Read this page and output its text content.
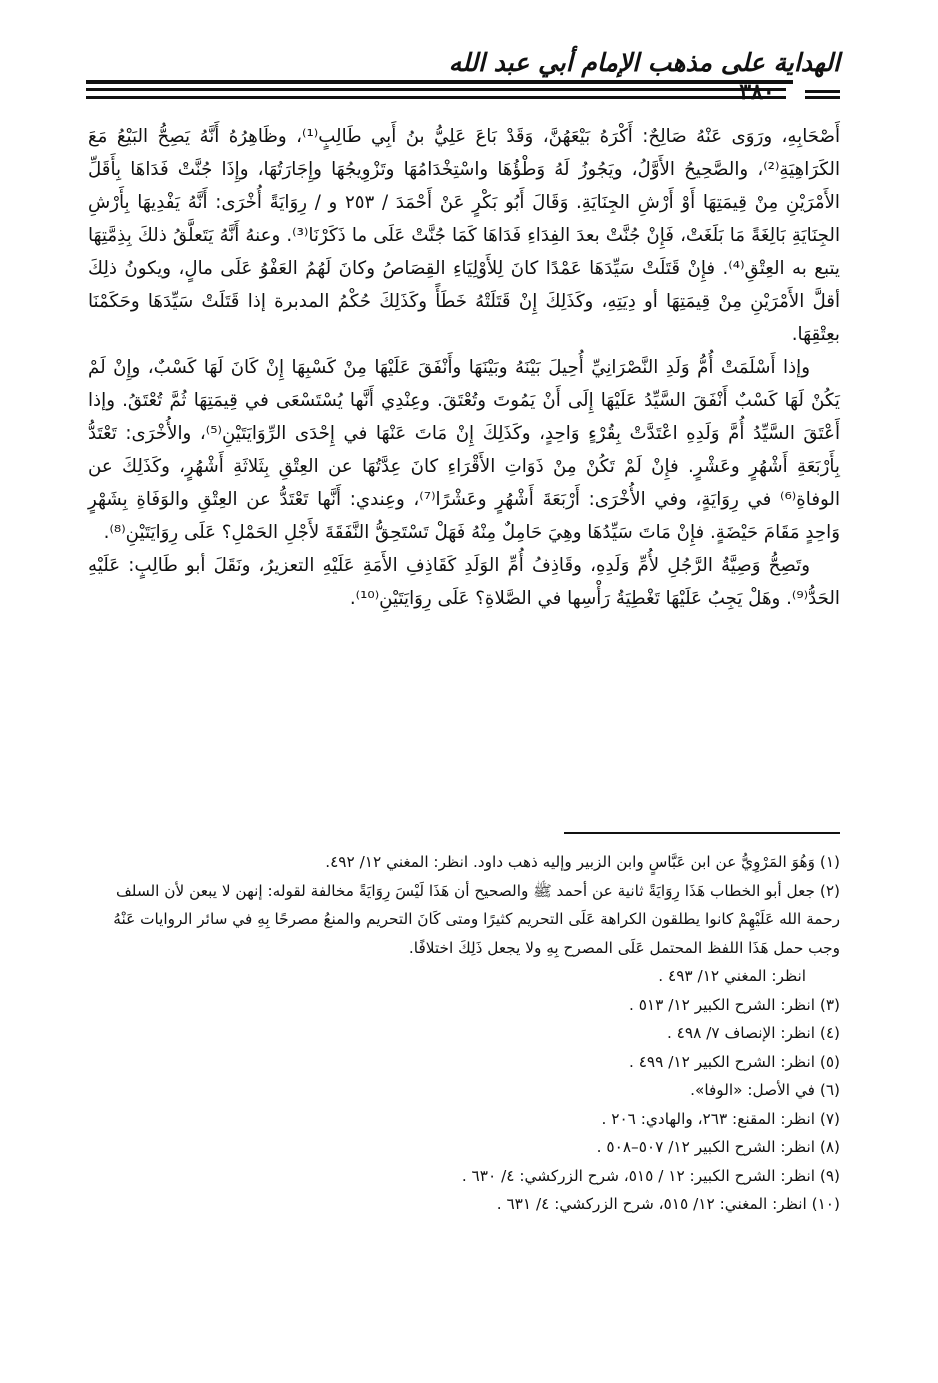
الهداية على مذهب الإمام أبي عبد الله
٣٨٠

أَصْحَابِهِ، ورَوَى عَنْهُ صَالِحٌ: أَكْرَهُ بَيْعَهُنَّ، وَقَدْ بَاعَ عَلِيُّ بنُ أَبِي طَالِبٍ⁽¹⁾، وظَاهِرُهُ أَنَّهُ يَصِحُّ البَيْعُ مَعَ الكَرَاهِيَةِ⁽²⁾، والصَّحِيحُ الأَوَّلُ، ويَجُوزُ لَهُ وَطْؤُهَا واسْتِخْدَامُهَا وتَزْوِيجُهَا وإِجَارَتُهَا، وإِذَا جُنَّتْ فَدَاهَا بِأَقَلِّ الأَمْرَيْنِ مِنْ قِيمَتِهَا أَوْ أَرْشِ الجِنَايَةِ. وَقَالَ أَبُو بَكْرٍ عَنْ أَحْمَدَ / ٢٥٣ و / رِوَايَةً أُخْرَى: أَنَّهُ يَفْدِيهَا بِأَرْشِ الجِنَايَةِ بَالِغَةً مَا بَلَغَتْ، فَإِنْ جُنَّتْ بعدَ الفِدَاءِ فَدَاهَا كَمَا جُنَّتْ عَلَى ما ذَكَرْنَا⁽³⁾. وعنهُ أَنَّهُ يَتَعلَّقُ ذلكَ بِذِمَّتِهَا يتبع به العِتْقِ⁽⁴⁾. فإِنْ قَتَلَتْ سَيِّدَهَا عَمْدًا كانَ لِلأَوْلِيَاءِ القِصَاصُ وكانَ لَهُمُ العَفْوُ عَلَى مالٍ، ويكونُ ذلِكَ أقلَّ الأَمْرَيْنِ مِنْ قِيمَتِهَا أو دِيَتِهِ، وكَذَلِكَ إِنْ قَتَلَتْهُ خَطَأً وكَذَلِكَ حُكْمُ المدبرة إذا قَتَلَتْ سَيِّدَهَا وحَكَمْنَا بعِتْقِهَا.

وإذا أَسْلَمَتْ أُمُّ وَلَدِ النَّصْرَانِيِّ أُحِيلَ بَيْنَهُ وبَيْنَهَا وأَنْفَقَ عَلَيْهَا مِنْ كَسْبِهَا إِنْ كَانَ لَهَا كَسْبٌ، وإِنْ لَمْ يَكُنْ لَهَا كَسْبٌ أَنْفَقَ السَّيِّدُ عَلَيْهَا إِلَى أَنْ يَمُوتَ وتُعْتَقَ. وعِنْدِي أَنَّها يُسْتَسْعَى في قِيمَتِهَا ثُمَّ تُعْتَقُ. وإذا أَعْتَقَ السَّيِّدُ أُمَّ وَلَدِهِ اعْتَدَّتْ بِقُرْءٍ وَاحِدٍ، وكَذَلِكَ إِنْ مَاتَ عَنْهَا في إِحْدَى الرِّوَايَتَيْنِ⁽⁵⁾، والأُخْرَى: تَعْتَدُّ بِأَرْبَعَةِ أَشْهُرٍ وعَشْرٍ. فإِنْ لَمْ تَكُنْ مِنْ ذَوَاتِ الأَقْرَاءِ كانَ عِدَّتُهَا عن العِتْقِ بِثَلاثَةِ أَشْهُرٍ، وكَذَلِكَ عن الوفاةِ⁽⁶⁾ في رِوَايَةٍ، وفي الأُخْرَى: أَرْبَعَةَ أَشْهُرٍ وعَشْرًا⁽⁷⁾، وعِندي: أَنَّها تَعْتَدُّ عن العِتْقِ والوَفَاةِ بِشَهْرٍ وَاحِدٍ مَقَامَ حَيْضَةٍ. فإِنْ مَاتَ سَيِّدُهَا وهِيَ حَامِلٌ مِنْهُ فَهَلْ تَسْتَحِقُّ النَّفَقَةَ لأَجْلِ الحَمْلِ؟ عَلَى رِوَايَتَيْنِ⁽⁸⁾.

وتَصِحُّ وَصِيَّةُ الرَّجُلِ لأُمِّ وَلَدِهِ، وقَاذِفُ أُمِّ الوَلَدِ كَقَاذِفِ الأَمَةِ عَلَيْهِ التعزيرُ، ونَقَلَ أبو طَالِبٍ: عَلَيْهِ الحَدُّ⁽⁹⁾. وهَلْ يَجِبُ عَلَيْهَا تَغْطِيَةُ رَأْسِها في الصَّلاةِ؟ عَلَى رِوَايَتَيْنِ⁽¹⁰⁾.

(١) وَهُوَ المَرْوِيُّ عن ابن عَبَّاسٍ وابن الزبير وإليه ذهب داود. انظر: المغني ١٢/ ٤٩٢.
(٢) جعل أبو الخطاب هَذَا رِوَايَةً ثانية عن أحمد ﷺ والصحيح أن هَذَا لَيْسَ رِوَايَةً مخالفة لقوله: إنهن لا يبعن لأن السلف رحمة الله عَلَيْهِمْ كانوا يطلقون الكراهة عَلَى التحريم كثيرًا ومتى كَانَ التحريم والمنعُ مصرحًا بِهِ في سائر الروايات عَنْهُ وجب حمل هَذَا اللفظ المحتمل عَلَى المصرح بِهِ ولا يجعل ذَلِكَ اختلافًا.
انظر: المغني ١٢/ ٤٩٣ .
(٣) انظر: الشرح الكبير ١٢/ ٥١٣ .
(٤) انظر: الإنصاف ٧/ ٤٩٨ .
(٥) انظر: الشرح الكبير ١٢/ ٤٩٩ .
(٦) في الأصل: «الوفا».
(٧) انظر: المقنع: ٢٦٣، والهادي: ٢٠٦ .
(٨) انظر: الشرح الكبير ١٢/ ٥٠٧–٥٠٨ .
(٩) انظر: الشرح الكبير: ١٢ / ٥١٥، شرح الزركشي: ٤/ ٦٣٠ .
(١٠) انظر: المغني: ١٢/ ٥١٥، شرح الزركشي: ٤/ ٦٣١ .
